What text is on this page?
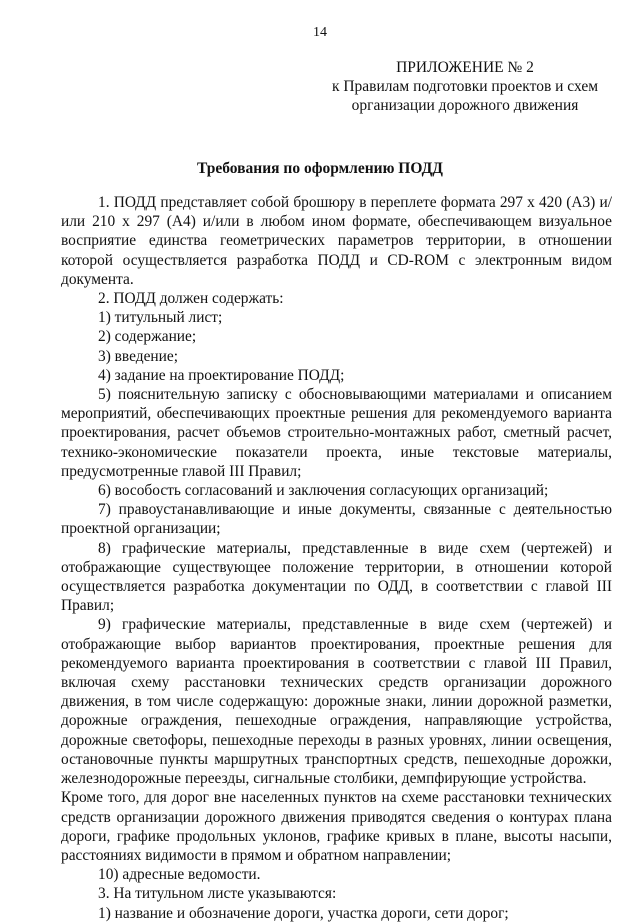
14
ПРИЛОЖЕНИЕ № 2
к Правилам подготовки проектов и схем
организации дорожного движения
Требования по оформлению ПОДД

1. ПОДД представляет собой брошюру в переплете формата 297 х 420 (А3) и/или 210 х 297 (А4) и/или в любом ином формате, обеспечивающем визуальное восприятие единства геометрических параметров территории, в отношении которой осуществляется разработка ПОДД и CD-ROM с электронным видом документа.

2. ПОДД должен содержать:

1) титульный лист;

2) содержание;

3) введение;

4) задание на проектирование ПОДД;

5) пояснительную записку с обосновывающими материалами и описанием мероприятий, обеспечивающих проектные решения для рекомендуемого варианта проектирования, расчет объемов строительно-монтажных работ, сметный расчет, технико-экономические показатели проекта, иные текстовые материалы, предусмотренные главой III Правил;

6) вособость согласований и заключения согласующих организаций;

7) правоустанавливающие и иные документы, связанные с деятельностью проектной организации;

8) графические материалы, представленные в виде схем (чертежей) и отображающие существующее положение территории, в отношении которой осуществляется разработка документации по ОДД, в соответствии с главой III Правил;

9) графические материалы, представленные в виде схем (чертежей) и отображающие выбор вариантов проектирования, проектные решения для рекомендуемого варианта проектирования в соответствии с главой III Правил, включая схему расстановки технических средств организации дорожного движения, в том числе содержащую: дорожные знаки, линии дорожной разметки, дорожные ограждения, пешеходные ограждения, направляющие устройства, дорожные светофоры, пешеходные переходы в разных уровнях, линии освещения, остановочные пункты маршрутных транспортных средств, пешеходные дорожки, железнодорожные переезды, сигнальные столбики, демпфирующие устройства.

Кроме того, для дорог вне населенных пунктов на схеме расстановки технических средств организации дорожного движения приводятся сведения о контурах плана дороги, графике продольных уклонов, графике кривых в плане, высоты насыпи, расстояниях видимости в прямом и обратном направлении;

10) адресные ведомости.

3. На титульном листе указываются:

1) название и обозначение дороги, участка дороги, сети дорог;
